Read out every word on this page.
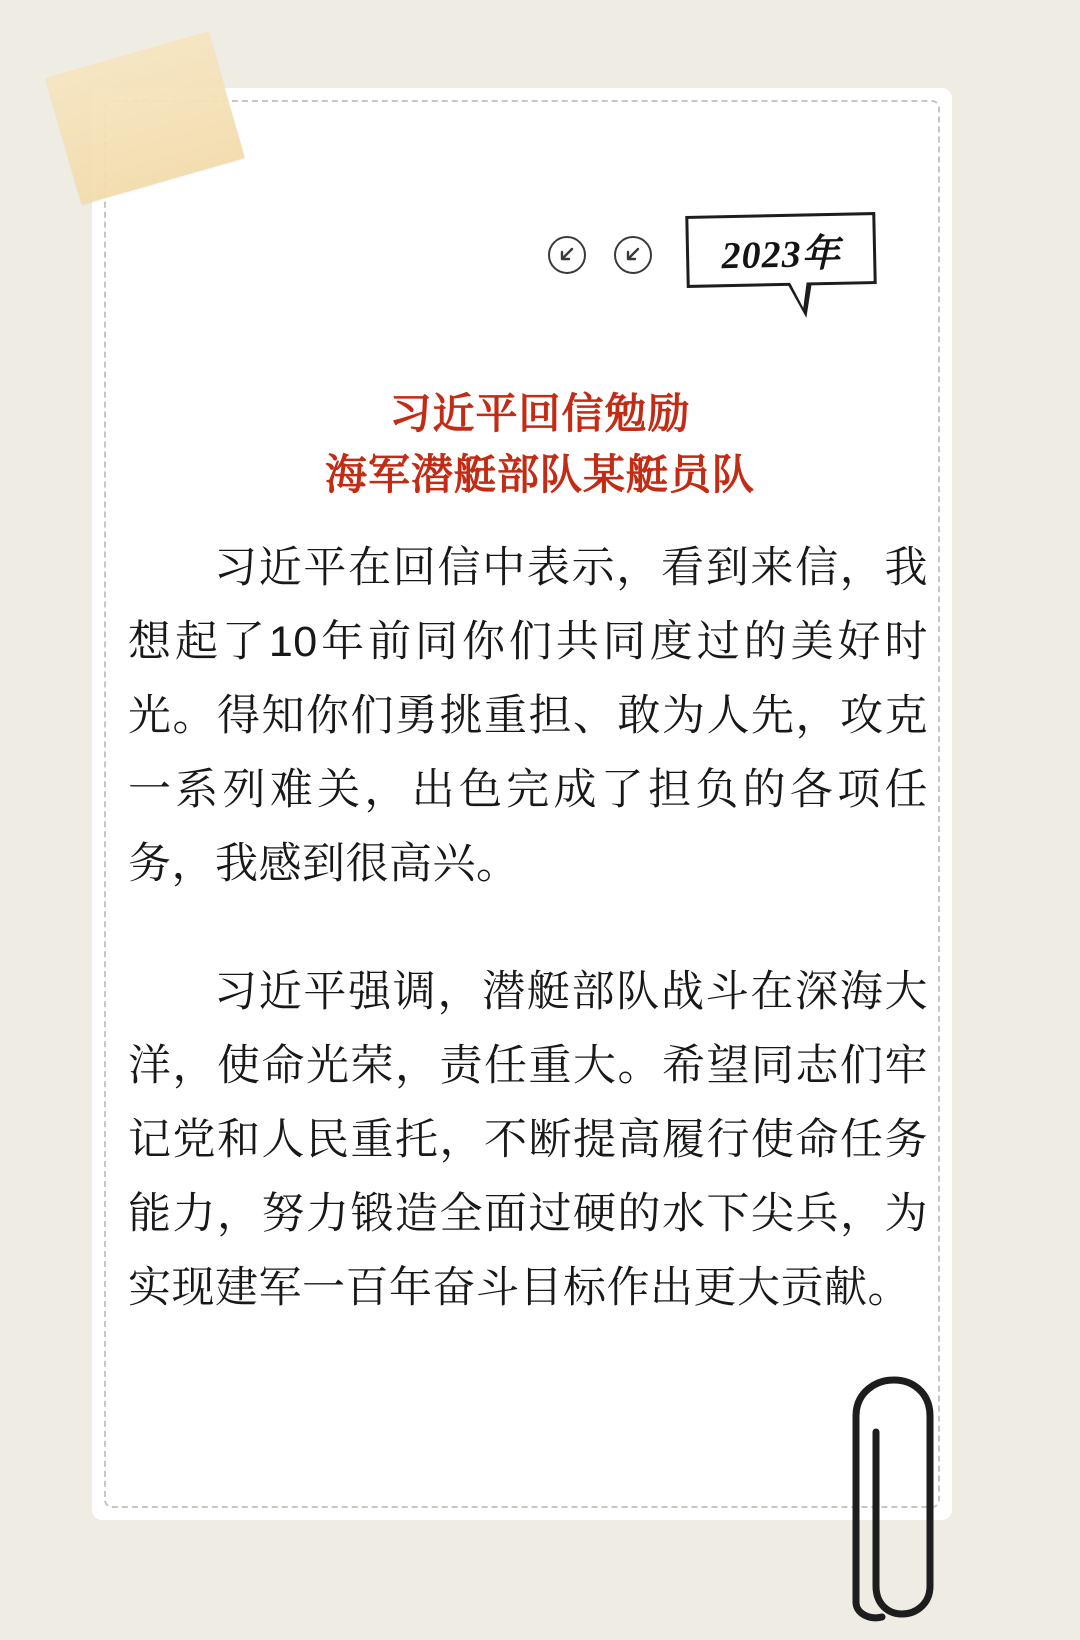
2023年
习近平回信勉励
海军潜艇部队某艇员队

习近平在回信中表示，看到来信，我想起了10年前同你们共同度过的美好时光。得知你们勇挑重担、敢为人先，攻克一系列难关，出色完成了担负的各项任务，我感到很高兴。

习近平强调，潜艇部队战斗在深海大洋，使命光荣，责任重大。希望同志们牢记党和人民重托，不断提高履行使命任务能力，努力锻造全面过硬的水下尖兵，为实现建军一百年奋斗目标作出更大贡献。
